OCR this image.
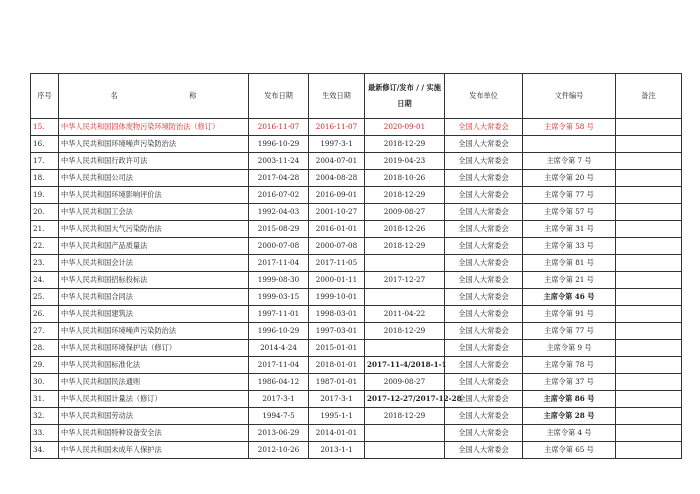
序号	名 称	发布日期	生效日期	最新修订/发布 / / 实施日期	发布单位	文件编号	备注
15.	中华人民共和国固体废物污染环境防治法（修订）	2016-11-07	2016-11-07	2020-09-01	全国人大常委会	主席令第 58 号	
16.	中华人民共和国环境噪声污染防治法	1996-10-29	1997-3-1	2018-12-29	全国人大常委会		
17.	中华人民共和国行政许可法	2003-11-24	2004-07-01	2019-04-23	全国人大常委会	主席令第 7 号	
18.	中华人民共和国公司法	2017-04-28	2004-08-28	2018-10-26	全国人大常委会	主席令第 20 号	
19.	中华人民共和国环境影响评价法	2016-07-02	2016-09-01	2018-12-29	全国人大常委会	主席令第 77 号	
20.	中华人民共和国工会法	1992-04-03	2001-10-27	2009-08-27	全国人大常委会	主席令第 57 号	
21.	中华人民共和国大气污染防治法	2015-08-29	2016-01-01	2018-12-26	全国人大常委会	主席令第 31 号	
22.	中华人民共和国产品质量法	2000-07-08	2000-07-08	2018-12-29	全国人大常委会	主席令第 33 号	
23.	中华人民共和国会计法	2017-11-04	2017-11-05		全国人大常委会	主席令第 81 号	
24.	中华人民共和国招标投标法	1999-08-30	2000-01-11	2017-12-27	全国人大常委会	主席令第 21 号	
25.	中华人民共和国合同法	1999-03-15	1999-10-01		全国人大常委会	主席令第 46 号	
26.	中华人民共和国建筑法	1997-11-01	1998-03-01	2011-04-22	全国人大常委会	主席令第 91 号	
27.	中华人民共和国环境噪声污染防治法	1996-10-29	1997-03-01	2018-12-29	全国人大常委会	主席令第 77 号	
28.	中华人民共和国环境保护法（修订）	2014-4-24	2015-01-01		全国人大常委会	主席令第 9 号	
29.	中华人民共和国标准化法	2017-11-04	2018-01-01	2017-11-4/2018-1-1	全国人大常委会	主席令第 78 号	
30.	中华人民共和国民法通则	1986-04-12	1987-01-01	2009-08-27	全国人大常委会	主席令第 37 号	
31.	中华人民共和国计量法（修订）	2017-3-1	2017-3-1	2017-12-27/2017-12-28	全国人大常委会	主席令第 86 号	
32.	中华人民共和国劳动法	1994-7-5	1995-1-1	2018-12-29	全国人大常委会	主席令第 28 号	
33.	中华人民共和国特种设备安全法	2013-06-29	2014-01-01		全国人大常委会	主席令第 4 号	
34.	中华人民共和国未成年人保护法	2012-10-26	2013-1-1		全国人大常委会	主席令第 65 号	
